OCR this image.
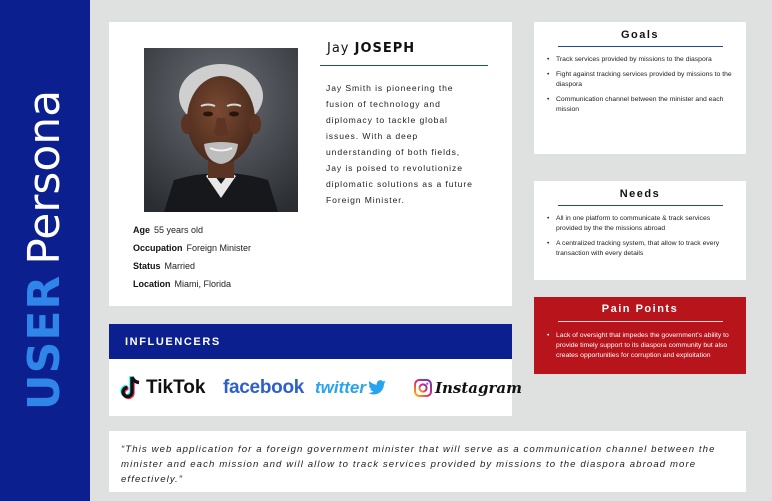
USERPersona
Jay JOSEPH
Jay Smith is pioneering the
fusion of technology and
diplomacy to tackle global
issues. With a deep
understanding of both fields,
Jay is poised to revolutionize
diplomatic solutions as a future
Foreign Minister.
Age 55 years old
Occupation Foreign Minister
Status Married
Location Miami, Florida
INFLUENCERS
TikTok facebook twitter	Instagram
Goals
• Track services provided by missions to the diaspora
• Fight against tracking services provided by missions to the diaspora
• Communication channel between the minister and each mission
Needs
• All in one platform to communicate & track services provided by the the missions abroad
• A centralized tracking system, that allow to track every transaction with every details
Pain Points
• Lack of oversight that impedes the government's ability to provide timely support to its diaspora community but also creates opportunities for corruption and exploitation

“This web application for a foreign government minister that will serve as a communication channel between the minister and each mission and will allow to track services provided by missions to the diaspora abroad more effectively.”
